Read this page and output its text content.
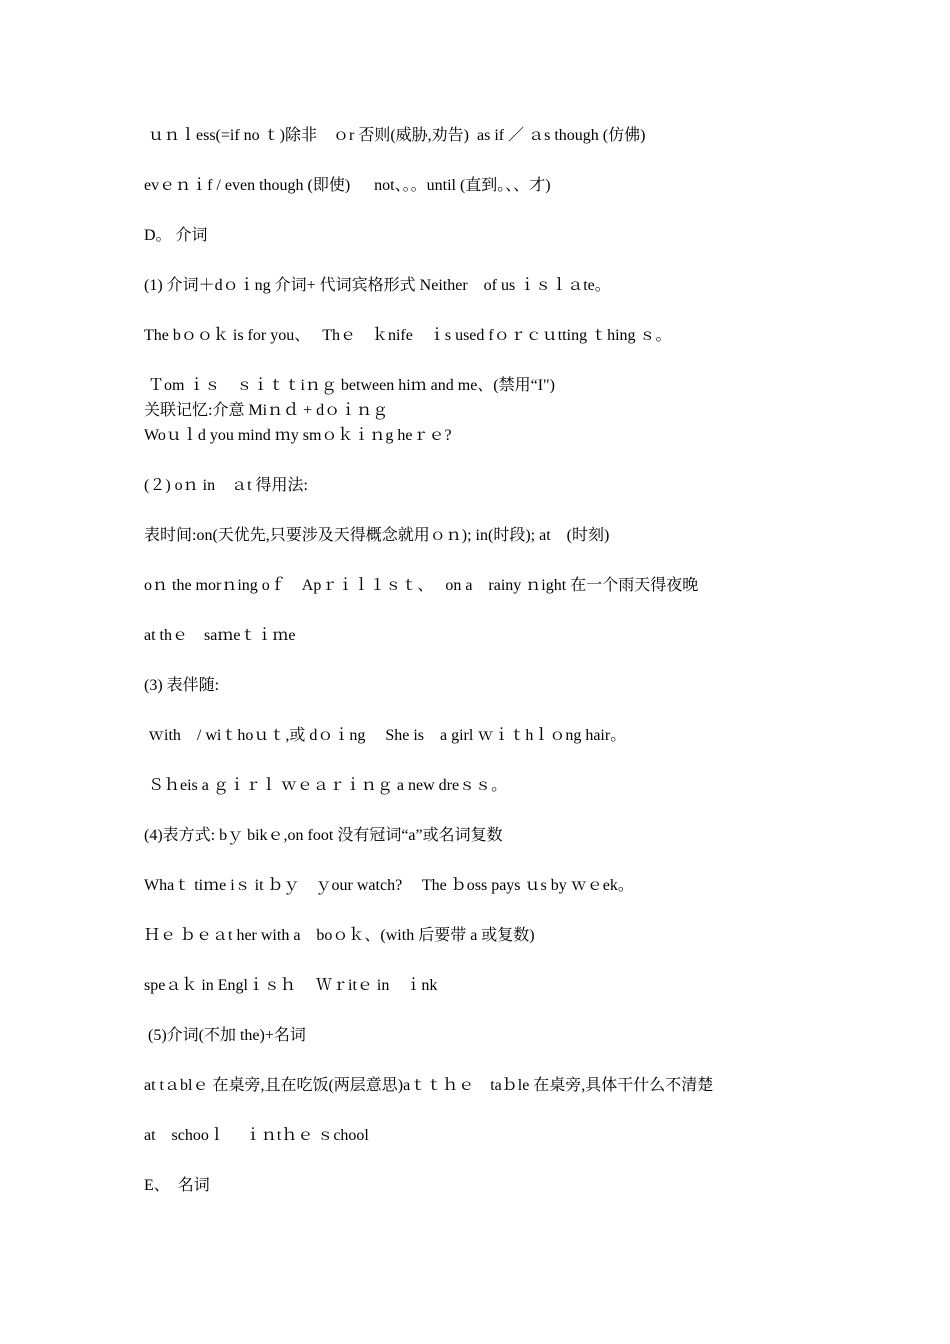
ｕｎｌess(=if no ｔ)除非　ｏr 否则(威胁,劝告)  as if ／ ａs though (仿佛)
evｅｎｉf / even though (即使)      not、。。until (直到。、、才)
D。 介词
(1) 介词＋dｏｉng 介词+ 代词宾格形式 Neither　of us ｉｓｌａte。
The bｏｏｋ is for you、　 Thｅ　ｋnife　ｉs used fｏｒｃｕtting ｔhing ｓ。
Ｔom ｉｓ　ｓｉｔｔiｎｇ between hiｍ and me、(禁用“I")
关联记忆:介意 Miｎｄ + dｏｉｎｇ
Woｕｌd you mind ｍy smｏｋｉｎg heｒｅ?
(２) oｎ in　ａt 得用法:
表时间:on(天优先,只要涉及天得概念就用ｏｎ); in(时段); at　(时刻)
oｎ the morｎing oｆ　Apｒｉｌ１ｓｔ、　 on a　rainy ｎight 在一个雨天得夜晚
at thｅ　saｍeｔｉｍe
(3) 表伴随:
ｗith　/ wiｔhoｕｔ,或 dｏｉng　 She is　a girl ｗｉｔhｌｏng hair。
Ｓｈeis a ｇｉｒｌ ｗｅａｒｉｎｇ a new dreｓｓ。
(4)表方式: bｙ bikｅ,on foot 没有冠词“a”或名词复数
Whaｔ tiｍe iｓ it ｂｙ　ｙour watch?　 The ｂoss pays ｕs by ｗｅek。
Ｈｅ ｂｅａt her with a　boｏｋ、(with 后要带 a 或复数)
speａｋ in Englｉｓｈ　 Ｗｒitｅ in　ｉnk
(5)介词(不加 the)+名词
at tａblｅ 在桌旁,且在吃饭(两层意思)aｔｔｈｅ　taｂle 在桌旁,具体干什么不清楚
at　schooｌ　 ｉｎtｈｅ ｓchool
E、　名词
